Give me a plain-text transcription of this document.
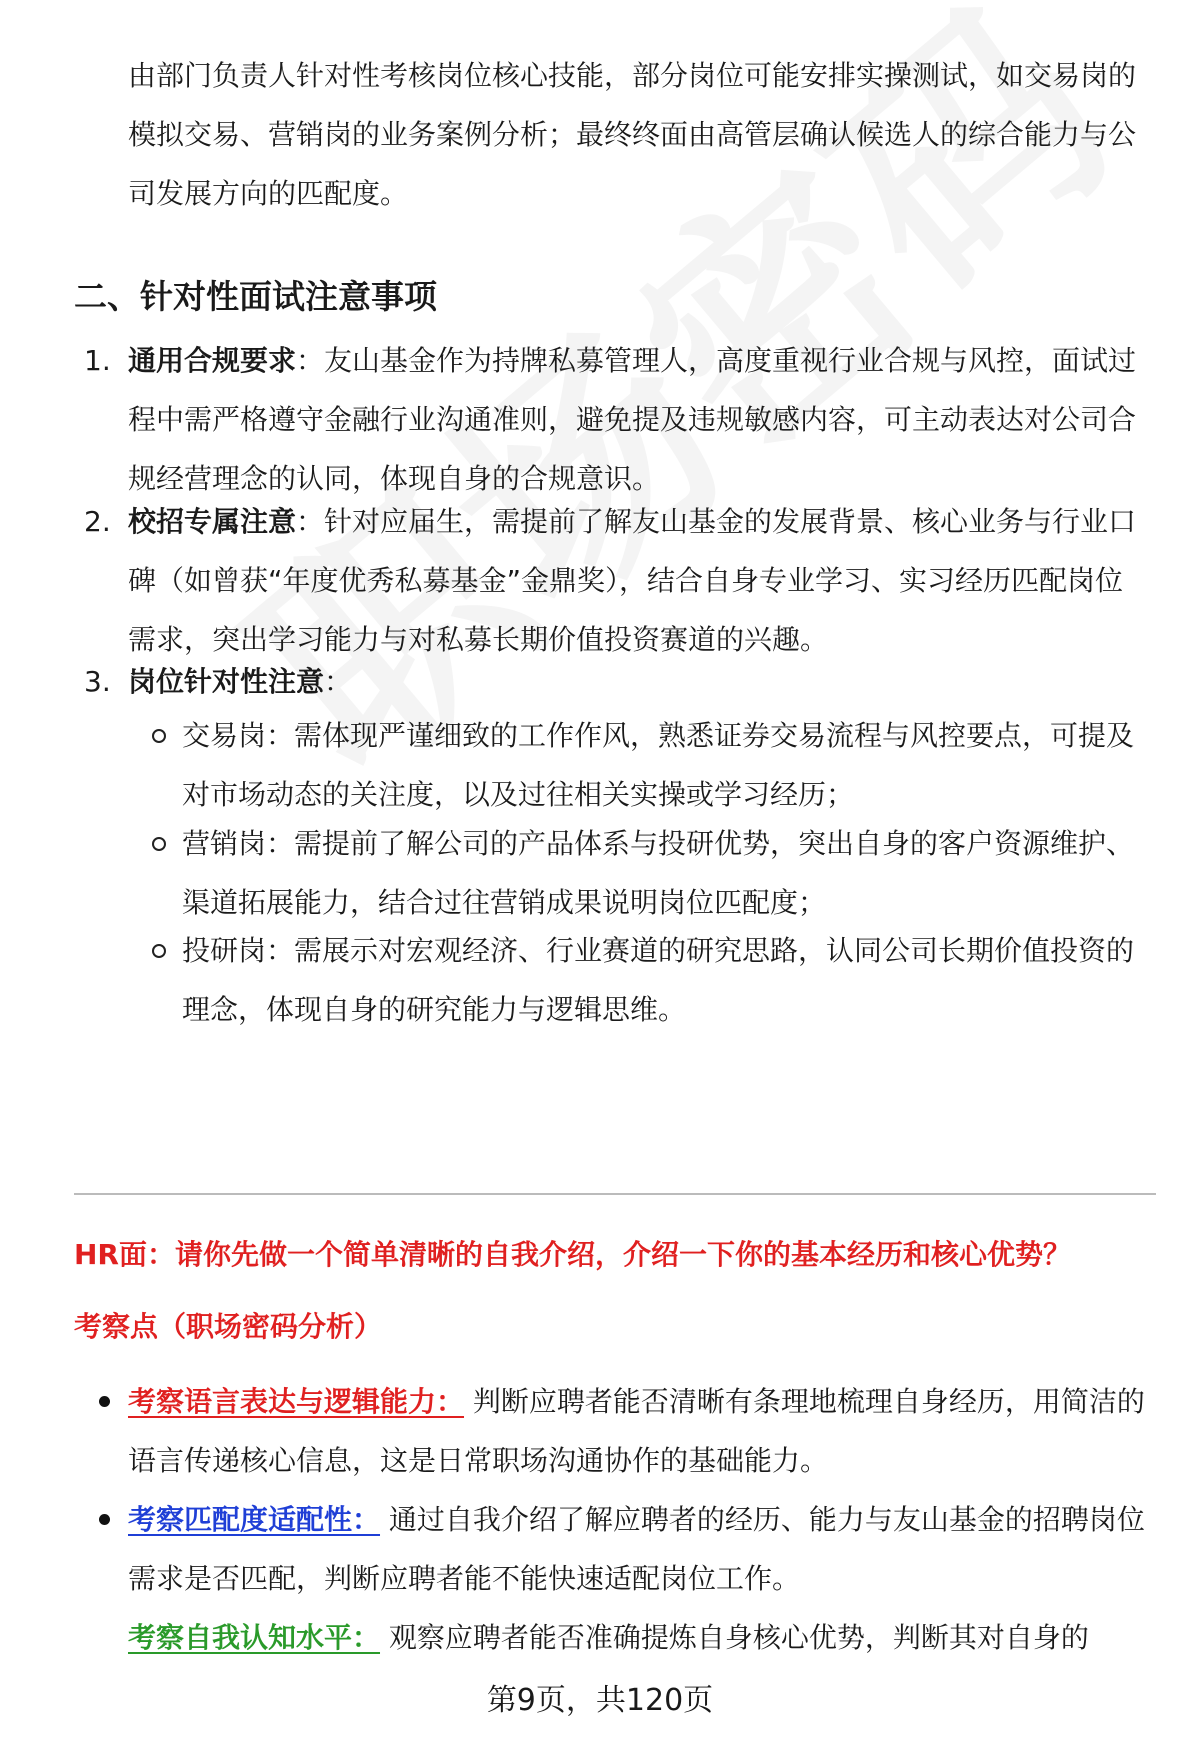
由部门负责人针对性考核岗位核心技能，部分岗位可能安排实操测试，如交易岗的模拟交易、营销岗的业务案例分析；最终终面由高管层确认候选人的综合能力与公司发展方向的匹配度。

二、针对性面试注意事项
1. 通用合规要求：友山基金作为持牌私募管理人，高度重视行业合规与风控，面试过程中需严格遵守金融行业沟通准则，避免提及违规敏感内容，可主动表达对公司合规经营理念的认同，体现自身的合规意识。
2. 校招专属注意：针对应届生，需提前了解友山基金的发展背景、核心业务与行业口碑（如曾获“年度优秀私募基金”金鼎奖），结合自身专业学习、实习经历匹配岗位需求，突出学习能力与对私募长期价值投资赛道的兴趣。
3. 岗位针对性注意：
交易岗：需体现严谨细致的工作作风，熟悉证券交易流程与风控要点，可提及对市场动态的关注度，以及过往相关实操或学习经历；
营销岗：需提前了解公司的产品体系与投研优势，突出自身的客户资源维护、渠道拓展能力，结合过往营销成果说明岗位匹配度；
投研岗：需展示对宏观经济、行业赛道的研究思路，认同公司长期价值投资的理念，体现自身的研究能力与逻辑思维。
HR面：请你先做一个简单清晰的自我介绍，介绍一下你的基本经历和核心优势？
考察点（职场密码分析）
考察语言表达与逻辑能力： 判断应聘者能否清晰有条理地梳理自身经历，用简洁的语言传递核心信息，这是日常职场沟通协作的基础能力。
考察匹配度适配性： 通过自我介绍了解应聘者的经历、能力与友山基金的招聘岗位需求是否匹配，判断应聘者能不能快速适配岗位工作。
考察自我认知水平： 观察应聘者能否准确提炼自身核心优势，判断其对自身的
第9页，共120页
